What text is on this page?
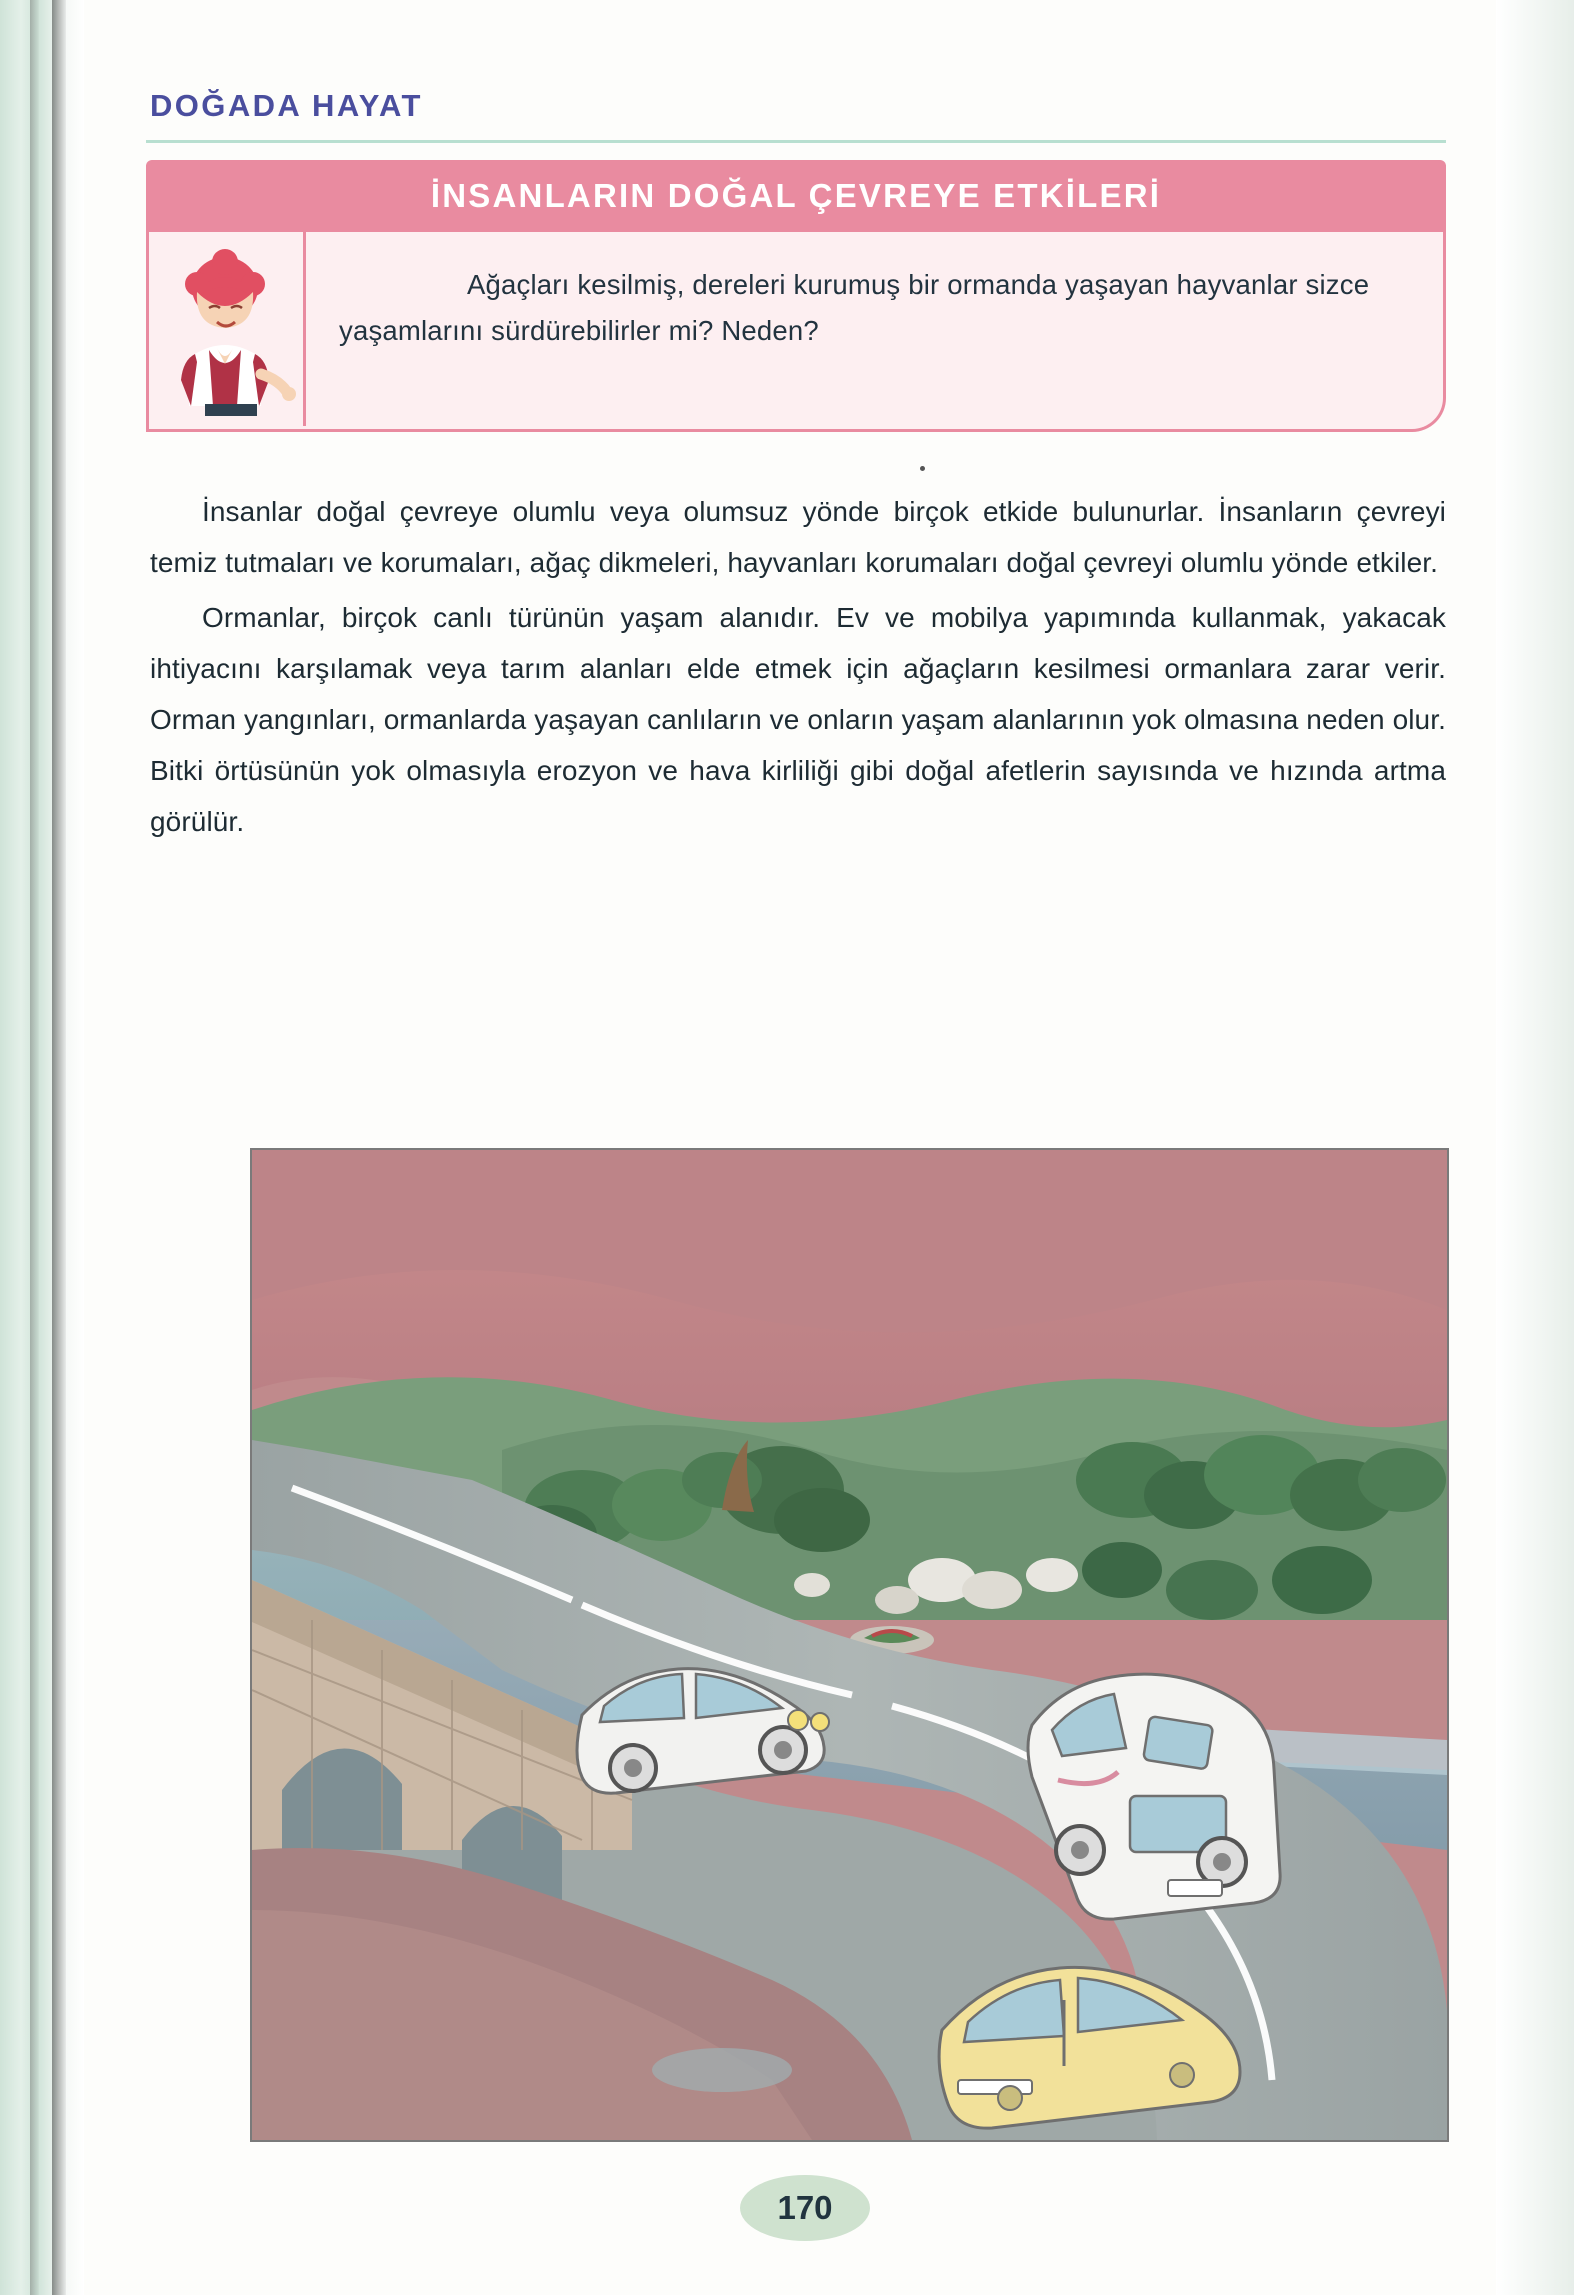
DOĞADA HAYAT
İNSANLARIN DOĞAL ÇEVREYE ETKİLERİ
Ağaçları kesilmiş, dereleri kurumuş bir ormanda yaşayan hayvanlar sizce yaşamlarını sürdürebilirler mi? Neden?

İnsanlar doğal çevreye olumlu veya olumsuz yönde birçok etkide bulunurlar. İnsanların çevreyi temiz tutmaları ve korumaları, ağaç dikmeleri, hayvanları korumaları doğal çevreyi olumlu yönde etkiler.

Ormanlar, birçok canlı türünün yaşam alanıdır. Ev ve mobilya yapımında kullanmak, yakacak ihtiyacını karşılamak veya tarım alanları elde etmek için ağaçların kesilmesi ormanlara zarar verir. Orman yangınları, ormanlarda yaşayan canlıların ve onların yaşam alanlarının yok olmasına neden olur. Bitki örtüsünün yok olmasıyla erozyon ve hava kirliliği gibi doğal afetlerin sayısında ve hızında artma görülür.

170
